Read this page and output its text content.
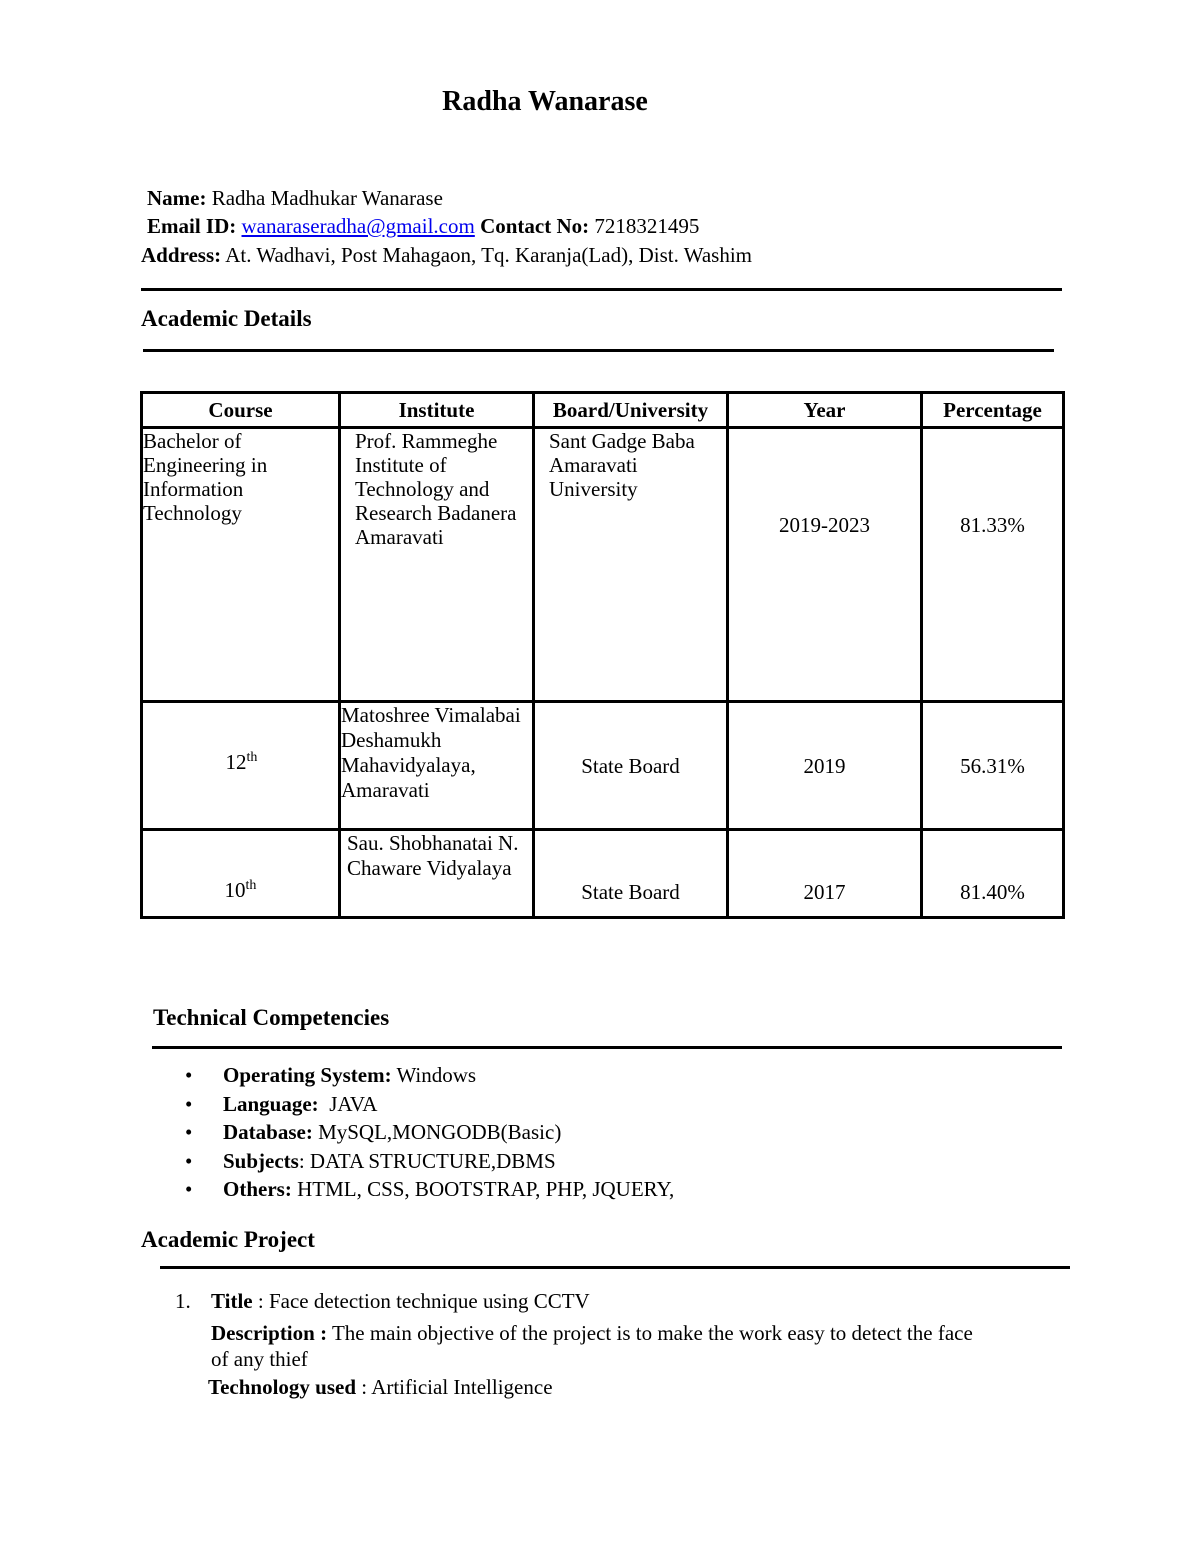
Radha Wanarase
Name: Radha Madhukar Wanarase
Email ID: wanaraseradha@gmail.com Contact No: 7218321495
Address: At. Wadhavi, Post Mahagaon, Tq. Karanja(Lad), Dist. Washim
Academic Details
Course	Institute	Board/University	Year	Percentage
Bachelor of Engineering in Information Technology	Prof. Rammeghe Institute of Technology and Research Badanera Amaravati	Sant Gadge Baba Amaravati University	2019-2023	81.33%
12th	Matoshree Vimalabai Deshamukh Mahavidyalaya, Amaravati	State Board	2019	56.31%
10th	Sau. Shobhanatai N. Chaware Vidyalaya	State Board	2017	81.40%
Technical Competencies
• Operating System: Windows
• Language:  JAVA
• Database: MySQL,MONGODB(Basic)
• Subjects: DATA STRUCTURE,DBMS
• Others: HTML, CSS, BOOTSTRAP, PHP, JQUERY,
Academic Project
1. Title : Face detection technique using CCTV
Description : The main objective of the project is to make the work easy to detect the face
of any thief
Technology used : Artificial Intelligence
